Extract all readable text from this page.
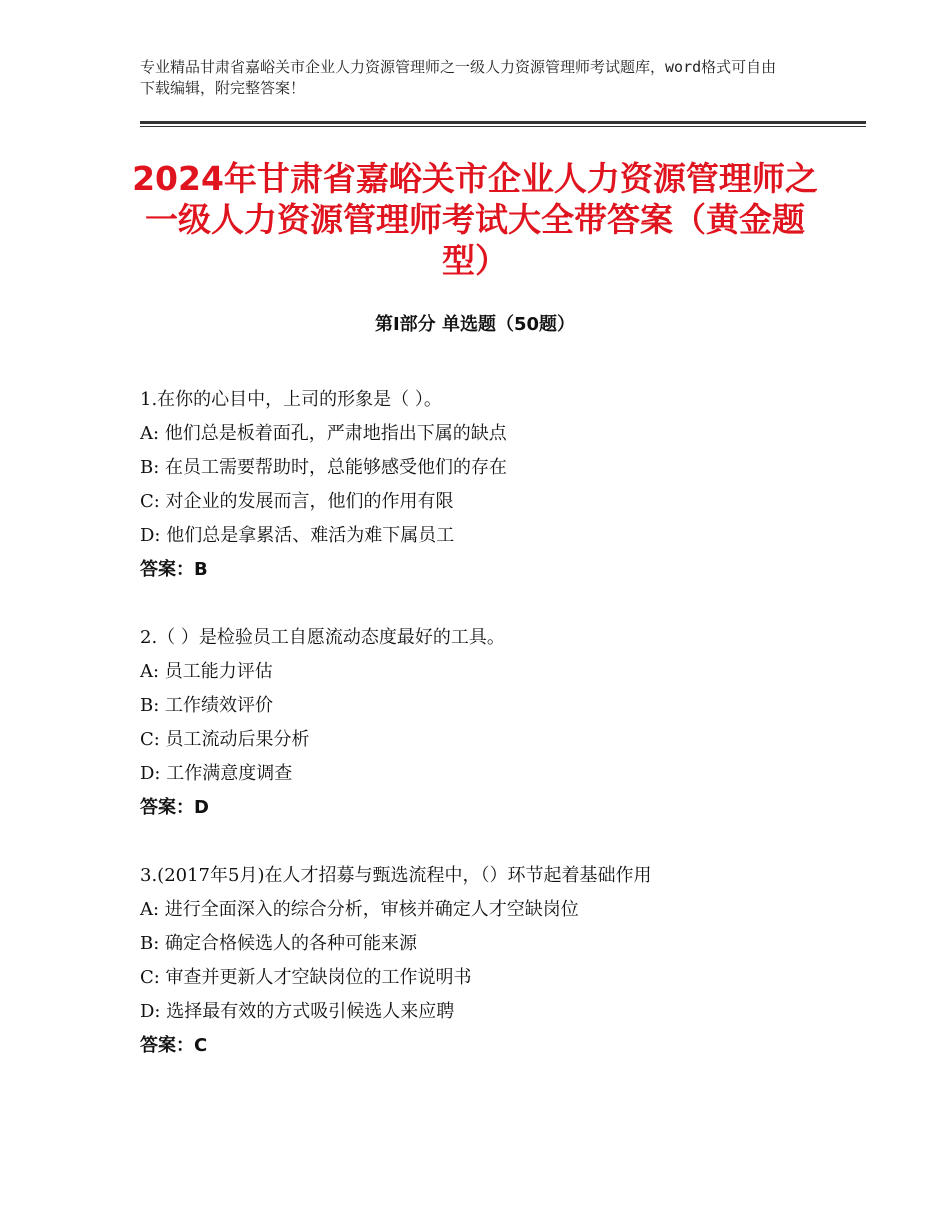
专业精品甘肃省嘉峪关市企业人力资源管理师之一级人力资源管理师考试题库，word格式可自由下载编辑，附完整答案！
2024年甘肃省嘉峪关市企业人力资源管理师之一级人力资源管理师考试大全带答案（黄金题型）
第Ⅰ部分 单选题（50题）
1.在你的心目中，上司的形象是（ ）。
A: 他们总是板着面孔，严肃地指出下属的缺点
B: 在员工需要帮助时，总能够感受他们的存在
C: 对企业的发展而言，他们的作用有限
D: 他们总是拿累活、难活为难下属员工
答案：B
2.（ ）是检验员工自愿流动态度最好的工具。
A: 员工能力评估
B: 工作绩效评价
C: 员工流动后果分析
D: 工作满意度调查
答案：D
3.(2017年5月)在人才招募与甄选流程中，（）环节起着基础作用
A: 进行全面深入的综合分析，审核并确定人才空缺岗位
B: 确定合格候选人的各种可能来源
C: 审查并更新人才空缺岗位的工作说明书
D: 选择最有效的方式吸引候选人来应聘
答案：C
